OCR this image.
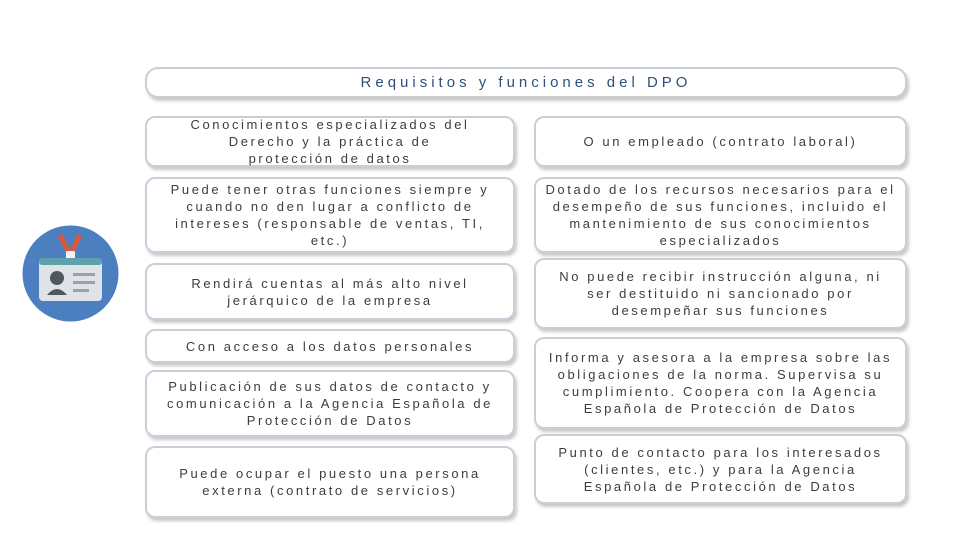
Requisitos y funciones del DPO
Conocimientos especializados del
Derecho y la práctica de
protección de datos
Puede tener otras funciones siempre y cuando no den lugar a conflicto de intereses (responsable de ventas, TI, etc.)
Rendirá cuentas al más alto nivel jerárquico de la empresa
Con acceso a los datos personales
Publicación de sus datos de contacto y comunicación a la Agencia Española de Protección de Datos
Puede ocupar el puesto una persona externa (contrato de servicios)
O un empleado (contrato laboral)
Dotado de los recursos necesarios para el desempeño de sus funciones, incluido el mantenimiento de sus conocimientos especializados
No puede recibir instrucción alguna, ni ser destituido ni sancionado por desempeñar sus funciones
Informa y asesora a la empresa sobre las obligaciones de la norma. Supervisa su cumplimiento. Coopera con la Agencia Española de Protección de Datos
Punto de contacto para los interesados (clientes, etc.) y para la Agencia Española de Protección de Datos
